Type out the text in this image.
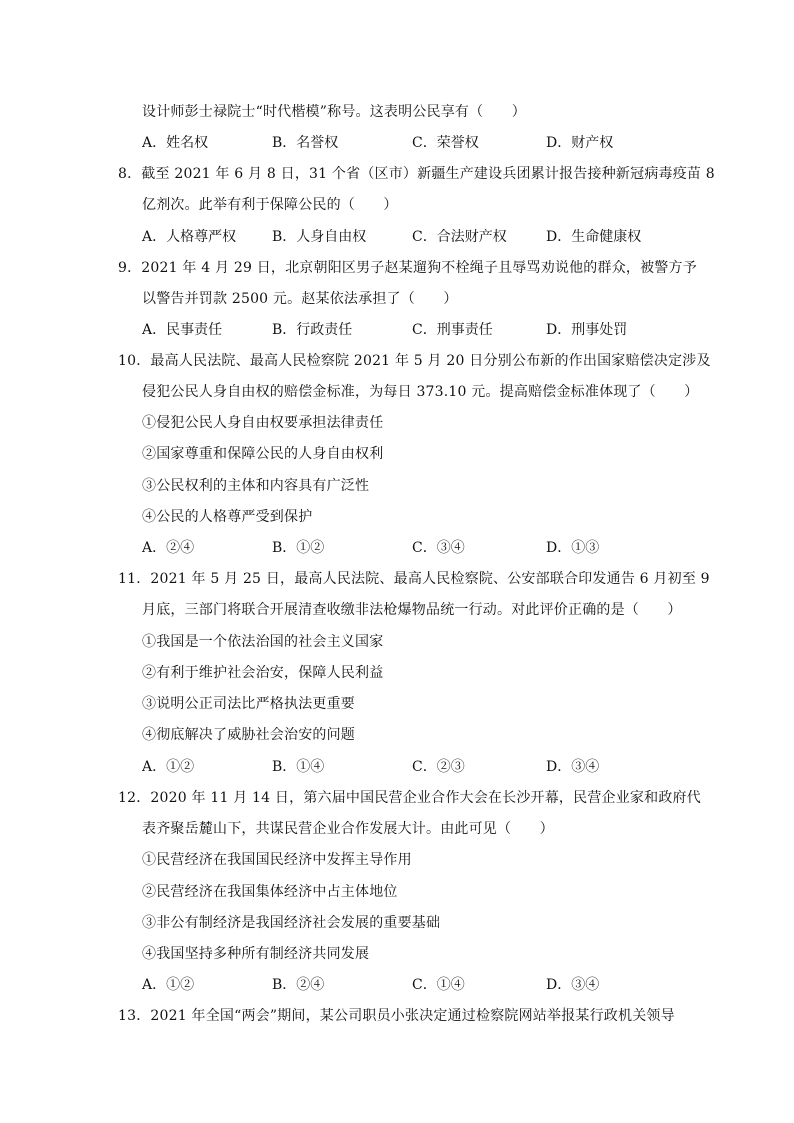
设计师彭士禄院士“时代楷模”称号。这表明公民享有（　　）
A．姓名权	B．名誉权	C．荣誉权	D．财产权
8．截至 2021 年 6 月 8 日，31 个省（区市）新疆生产建设兵团累计报告接种新冠病毒疫苗 8
亿剂次。此举有利于保障公民的（　　）
A．人格尊严权	B．人身自由权	C．合法财产权	D．生命健康权
9．2021 年 4 月 29 日，北京朝阳区男子赵某遛狗不栓绳子且辱骂劝说他的群众，被警方予
以警告并罚款 2500 元。赵某依法承担了（　　）
A．民事责任	B．行政责任	C．刑事责任	D．刑事处罚
10．最高人民法院、最高人民检察院 2021 年 5 月 20 日分别公布新的作出国家赔偿决定涉及
侵犯公民人身自由权的赔偿金标准，为每日 373.10 元。提高赔偿金标准体现了（　　）
①侵犯公民人身自由权要承担法律责任
②国家尊重和保障公民的人身自由权利
③公民权利的主体和内容具有广泛性
④公民的人格尊严受到保护
A．②④	B．①②	C．③④	D．①③
11．2021 年 5 月 25 日，最高人民法院、最高人民检察院、公安部联合印发通告 6 月初至 9
月底，三部门将联合开展清查收缴非法枪爆物品统一行动。对此评价正确的是（　　）
①我国是一个依法治国的社会主义国家
②有利于维护社会治安，保障人民利益
③说明公正司法比严格执法更重要
④彻底解决了威胁社会治安的问题
A．①②	B．①④	C．②③	D．③④
12．2020 年 11 月 14 日，第六届中国民营企业合作大会在长沙开幕，民营企业家和政府代
表齐聚岳麓山下，共谋民营企业合作发展大计。由此可见（　　）
①民营经济在我国国民经济中发挥主导作用
②民营经济在我国集体经济中占主体地位
③非公有制经济是我国经济社会发展的重要基础
④我国坚持多种所有制经济共同发展
A．①②	B．②④	C．①④	D．③④
13．2021 年全国“两会”期间，某公司职员小张决定通过检察院网站举报某行政机关领导
